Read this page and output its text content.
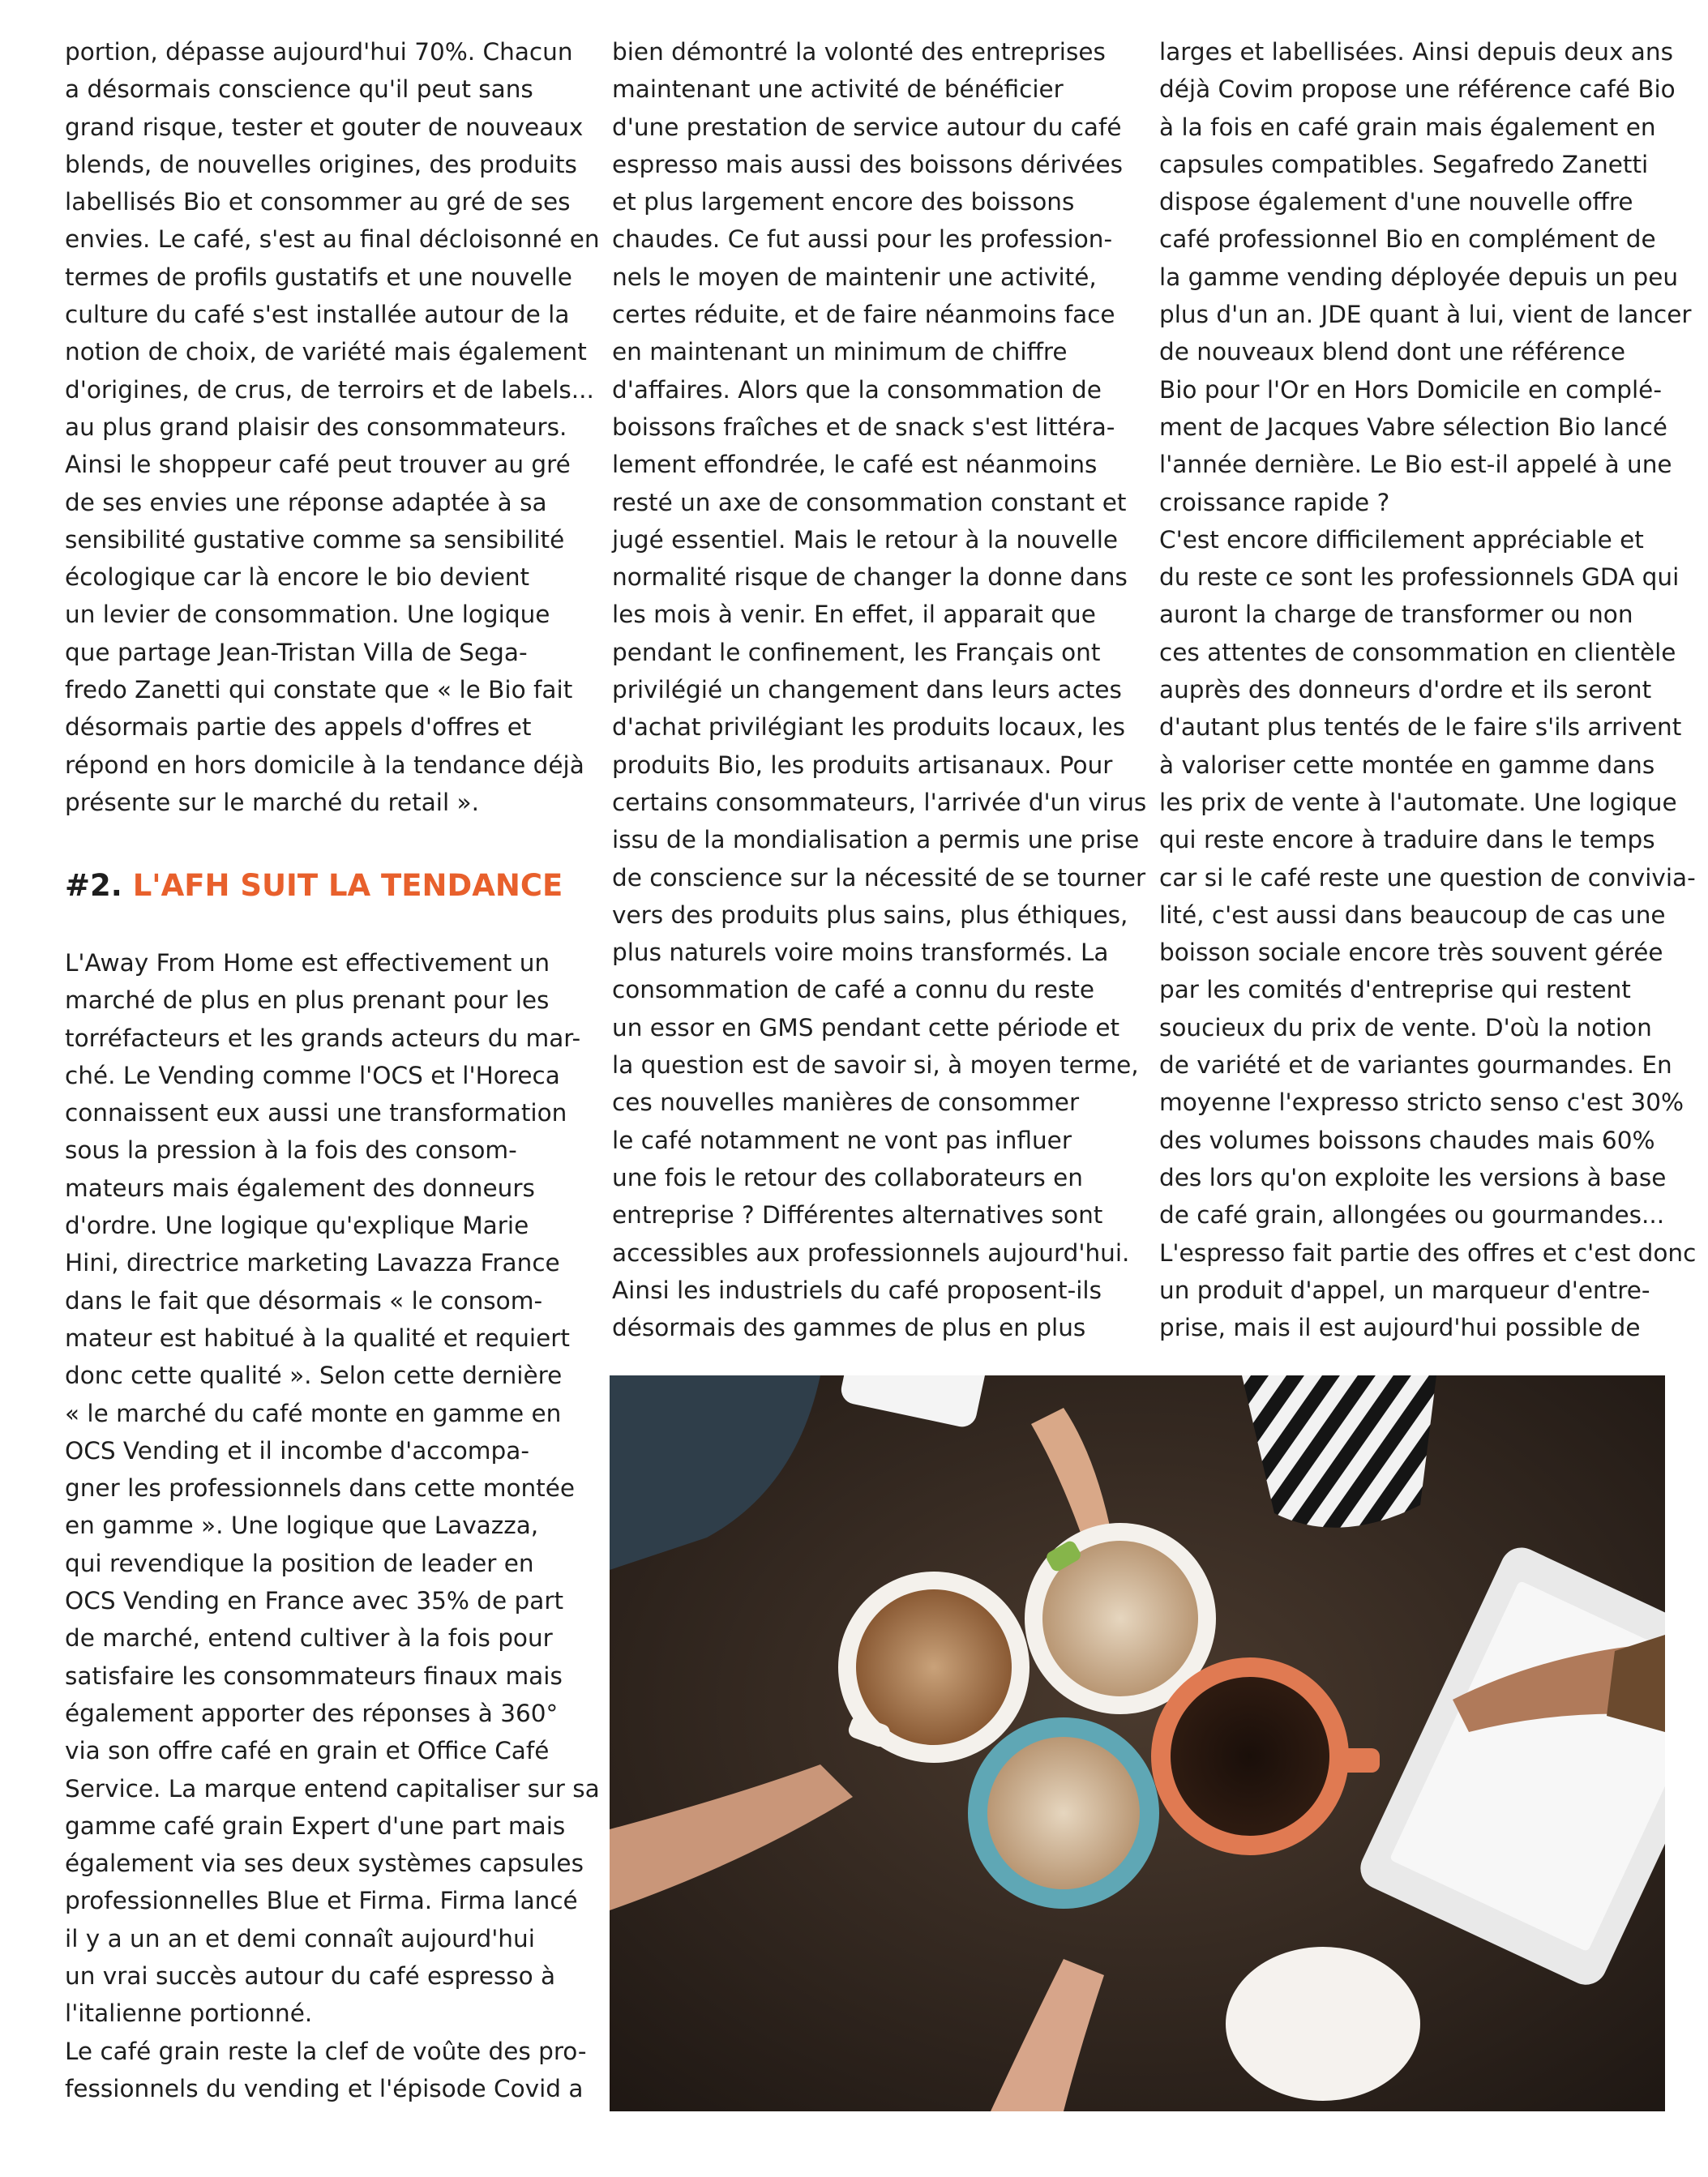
portion, dépasse aujourd'hui 70%. Chacun
a désormais conscience qu'il peut sans
grand risque, tester et gouter de nouveaux
blends, de nouvelles origines, des produits
labellisés Bio et consommer au gré de ses
envies. Le café, s'est au final décloisonné en
termes de profils gustatifs et une nouvelle
culture du café s'est installée autour de la
notion de choix, de variété mais également
d'origines, de crus, de terroirs et de labels...
au plus grand plaisir des consommateurs.
Ainsi le shoppeur café peut trouver au gré
de ses envies une réponse adaptée à sa
sensibilité gustative comme sa sensibilité
écologique car là encore le bio devient
un levier de consommation. Une logique
que partage Jean-Tristan Villa de Sega-
fredo Zanetti qui constate que « le Bio fait
désormais partie des appels d'offres et
répond en hors domicile à la tendance déjà
présente sur le marché du retail ».
#2. L'AFH SUIT LA TENDANCE
L'Away From Home est effectivement un
marché de plus en plus prenant pour les
torréfacteurs et les grands acteurs du mar-
ché. Le Vending comme l'OCS et l'Horeca
connaissent eux aussi une transformation
sous la pression à la fois des consom-
mateurs mais également des donneurs
d'ordre. Une logique qu'explique Marie
Hini, directrice marketing Lavazza France
dans le fait que désormais « le consom-
mateur est habitué à la qualité et requiert
donc cette qualité ». Selon cette dernière
« le marché du café monte en gamme en
OCS Vending et il incombe d'accompa-
gner les professionnels dans cette montée
en gamme ». Une logique que Lavazza,
qui revendique la position de leader en
OCS Vending en France avec 35% de part
de marché, entend cultiver à la fois pour
satisfaire les consommateurs finaux mais
également apporter des réponses à 360°
via son offre café en grain et Office Café
Service. La marque entend capitaliser sur sa
gamme café grain Expert d'une part mais
également via ses deux systèmes capsules
professionnelles Blue et Firma. Firma lancé
il y a un an et demi connaît aujourd'hui
un vrai succès autour du café espresso à
l'italienne portionné.
Le café grain reste la clef de voûte des pro-
fessionnels du vending et l'épisode Covid a
bien démontré la volonté des entreprises
maintenant une activité de bénéficier
d'une prestation de service autour du café
espresso mais aussi des boissons dérivées
et plus largement encore des boissons
chaudes. Ce fut aussi pour les profession-
nels le moyen de maintenir une activité,
certes réduite, et de faire néanmoins face
en maintenant un minimum de chiffre
d'affaires. Alors que la consommation de
boissons fraîches et de snack s'est littéra-
lement effondrée, le café est néanmoins
resté un axe de consommation constant et
jugé essentiel. Mais le retour à la nouvelle
normalité risque de changer la donne dans
les mois à venir. En effet, il apparait que
pendant le confinement, les Français ont
privilégié un changement dans leurs actes
d'achat privilégiant les produits locaux, les
produits Bio, les produits artisanaux. Pour
certains consommateurs, l'arrivée d'un virus
issu de la mondialisation a permis une prise
de conscience sur la nécessité de se tourner
vers des produits plus sains, plus éthiques,
plus naturels voire moins transformés. La
consommation de café a connu du reste
un essor en GMS pendant cette période et
la question est de savoir si, à moyen terme,
ces nouvelles manières de consommer
le café notamment ne vont pas influer
une fois le retour des collaborateurs en
entreprise ? Différentes alternatives sont
accessibles aux professionnels aujourd'hui.
Ainsi les industriels du café proposent-ils
désormais des gammes de plus en plus
larges et labellisées. Ainsi depuis deux ans
déjà Covim propose une référence café Bio
à la fois en café grain mais également en
capsules compatibles. Segafredo Zanetti
dispose également d'une nouvelle offre
café professionnel Bio en complément de
la gamme vending déployée depuis un peu
plus d'un an. JDE quant à lui, vient de lancer
de nouveaux blend dont une référence
Bio pour l'Or en Hors Domicile en complé-
ment de Jacques Vabre sélection Bio lancé
l'année dernière. Le Bio est-il appelé à une
croissance rapide ?
C'est encore difficilement appréciable et
du reste ce sont les professionnels GDA qui
auront la charge de transformer ou non
ces attentes de consommation en clientèle
auprès des donneurs d'ordre et ils seront
d'autant plus tentés de le faire s'ils arrivent
à valoriser cette montée en gamme dans
les prix de vente à l'automate. Une logique
qui reste encore à traduire dans le temps
car si le café reste une question de convivia-
lité, c'est aussi dans beaucoup de cas une
boisson sociale encore très souvent gérée
par les comités d'entreprise qui restent
soucieux du prix de vente. D'où la notion
de variété et de variantes gourmandes. En
moyenne l'expresso stricto senso c'est 30%
des volumes boissons chaudes mais 60%
des lors qu'on exploite les versions à base
de café grain, allongées ou gourmandes...
L'espresso fait partie des offres et c'est donc
un produit d'appel, un marqueur d'entre-
prise, mais il est aujourd'hui possible de
